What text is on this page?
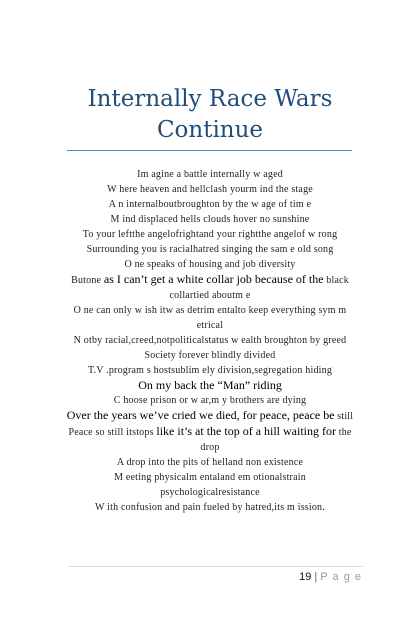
Internally Race Wars
Continue

Im agine a battle internally w aged

W here heaven and hellclash yourm ind the stage

A n internalboutbroughton by the w age of tim e

M ind displaced hells clouds hover no sunshine

To your leftthe angelofrightand your rightthe angelof w rong

Surrounding you is racialhatred singing the sam e old song

O ne speaks of housing and job diversity

Butone as I can’t get a white collar job because of the black collartied aboutm e

O ne can only w ish itw as detrim entalto keep everything sym m etrical

N otby racial,creed,notpoliticalstatus w ealth broughton by greed

Society forever blindly divided

T.V .program s hostsublim ely division,segregation hiding

On my back the “Man” riding

C hoose prison or w ar,m y brothers are dying

Over the years we’ve cried we died, for peace, peace be still

Peace so still itstops like it’s at the top of a hill waiting for the drop

A drop into the pits of helland non existence

M eeting physicalm entaland em otionalstrain

psychologicalresistance

W ith confusion and pain fueled by hatred,its m ission.

19 | P a g e
